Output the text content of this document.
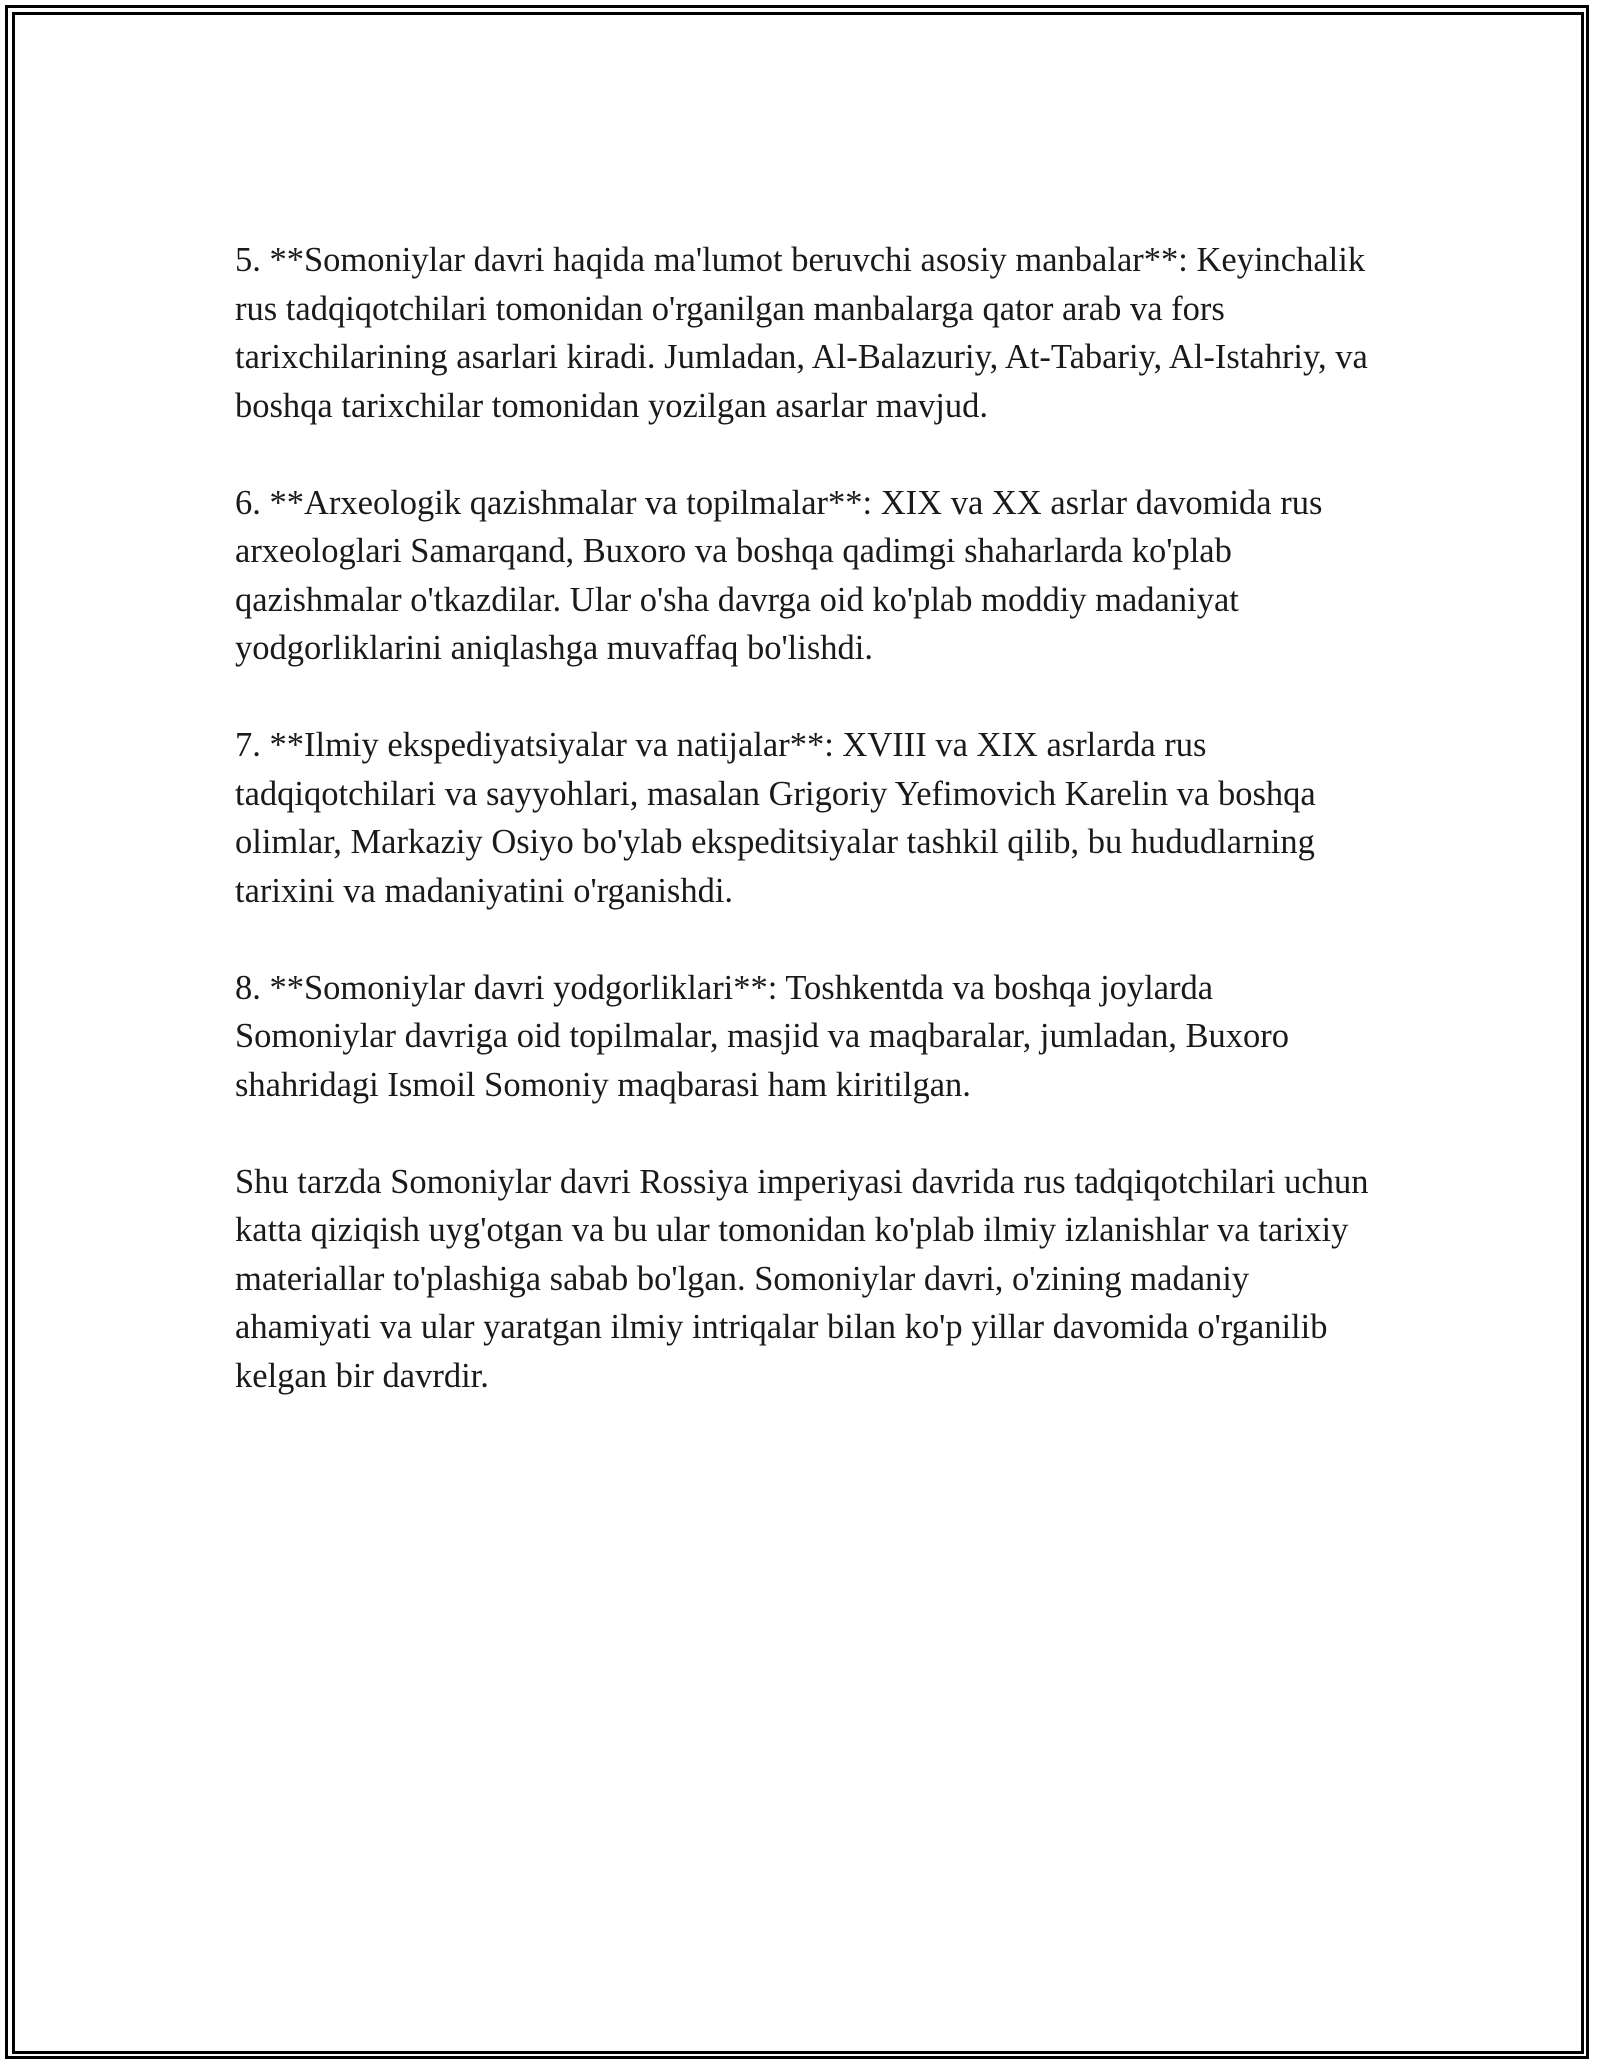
5. **Somoniylar davri haqida ma'lumot beruvchi asosiy manbalar**: Keyinchalik rus tadqiqotchilari tomonidan o'rganilgan manbalarga qator arab va fors tarixchilarining asarlari kiradi. Jumladan, Al-Balazuriy, At-Tabariy, Al-Istahriy, va boshqa tarixchilar tomonidan yozilgan asarlar mavjud.

6. **Arxeologik qazishmalar va topilmalar**: XIX va XX asrlar davomida rus arxeologlari Samarqand, Buxoro va boshqa qadimgi shaharlarda ko'plab qazishmalar o'tkazdilar. Ular o'sha davrga oid ko'plab moddiy madaniyat yodgorliklarini aniqlashga muvaffaq bo'lishdi.

7. **Ilmiy ekspediyatsiyalar va natijalar**: XVIII va XIX asrlarda rus tadqiqotchilari va sayyohlari, masalan Grigoriy Yefimovich Karelin va boshqa olimlar, Markaziy Osiyo bo'ylab ekspeditsiyalar tashkil qilib, bu hududlarning tarixini va madaniyatini o'rganishdi.

8. **Somoniylar davri yodgorliklari**: Toshkentda va boshqa joylarda Somoniylar davriga oid topilmalar, masjid va maqbaralar, jumladan, Buxoro shahridagi Ismoil Somoniy maqbarasi ham kiritilgan.

Shu tarzda Somoniylar davri Rossiya imperiyasi davrida rus tadqiqotchilari uchun katta qiziqish uyg'otgan va bu ular tomonidan ko'plab ilmiy izlanishlar va tarixiy materiallar to'plashiga sabab bo'lgan. Somoniylar davri, o'zining madaniy ahamiyati va ular yaratgan ilmiy intriqalar bilan ko'p yillar davomida o'rganilib kelgan bir davrdir.
